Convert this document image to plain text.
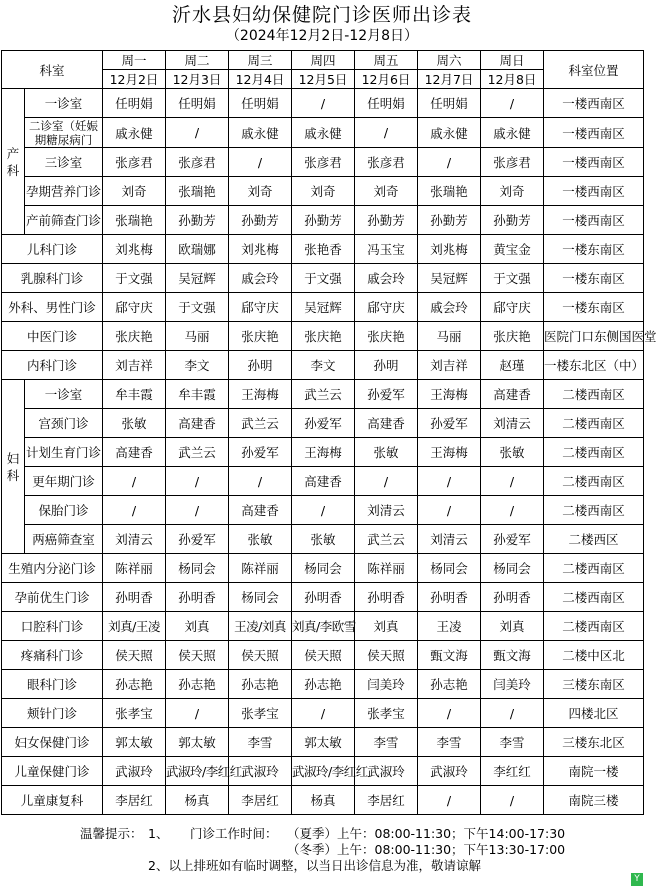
沂水县妇幼保健院门诊医师出诊表
（2024年12月2日-12月8日）
科室		周一	周二	周三	周四	周五	周六	周日	科室位置
		12月2日	12月3日	12月4日	12月5日	12月6日	12月7日	12月8日	
产科	一诊室	任明娟	任明娟	任明娟	/	任明娟	任明娟	/	一楼西南区
	二诊室（妊娠期糖尿病门	戚永健	/	戚永健	戚永健	/	戚永健	戚永健	一楼西南区
	三诊室	张彦君	张彦君	/	张彦君	张彦君	/	张彦君	一楼西南区
	孕期营养门诊	刘奇	张瑞艳	刘奇	刘奇	刘奇	张瑞艳	刘奇	一楼西南区
	产前筛查门诊	张瑞艳	孙勤芳	孙勤芳	孙勤芳	孙勤芳	孙勤芳	孙勤芳	一楼西南区
儿科门诊		刘兆梅	欧瑞娜	刘兆梅	张艳香	冯玉宝	刘兆梅	黄宝金	一楼东南区
乳腺科门诊		于文强	吴冠辉	戚会玲	于文强	戚会玲	吴冠辉	于文强	一楼东南区
外科、男性门诊		郈守庆	于文强	郈守庆	吴冠辉	郈守庆	戚会玲	郈守庆	一楼东南区
中医门诊		张庆艳	马丽	张庆艳	张庆艳	张庆艳	马丽	张庆艳	医院门口东侧国医堂
内科门诊		刘吉祥	李文	孙明	李文	孙明	刘吉祥	赵瑾	一楼东北区（中）
妇科	一诊室	牟丰霞	牟丰霞	王海梅	武兰云	孙爱军	王海梅	高建香	二楼西南区
	宫颈门诊	张敏	高建香	武兰云	孙爱军	高建香	孙爱军	刘清云	二楼西南区
	计划生育门诊	高建香	武兰云	孙爱军	王海梅	张敏	王海梅	张敏	二楼西南区
	更年期门诊	/	/	/	高建香	/	/	/	二楼西南区
	保胎门诊	/	/	高建香	/	刘清云	/	/	二楼西南区
	两癌筛查室	刘清云	孙爱军	张敏	张敏	武兰云	刘清云	孙爱军	二楼西区
生殖内分泌门诊		陈祥丽	杨同会	陈祥丽	杨同会	陈祥丽	杨同会	杨同会	二楼西南区
孕前优生门诊		孙明香	孙明香	杨同会	孙明香	孙明香	孙明香	孙明香	二楼西南区
口腔科门诊		刘真/王凌	刘真	王凌/刘真	刘真/李欧雪	刘真	王凌	刘真	二楼西南区
疼痛科门诊		侯天照	侯天照	侯天照	侯天照	侯天照	甄文海	甄文海	二楼中区北
眼科门诊		孙志艳	孙志艳	孙志艳	孙志艳	闫美玲	孙志艳	闫美玲	三楼东南区
颊针门诊		张孝宝	/	张孝宝	/	张孝宝	/	/	四楼北区
妇女保健门诊		郭太敏	郭太敏	李雪	郭太敏	李雪	李雪	李雪	三楼东北区
儿童保健门诊		武淑玲	武淑玲/李红红	武淑玲	武淑玲/李红红	武淑玲	武淑玲	李红红	南院一楼
儿童康复科		李居红	杨真	李居红	杨真	李居红	/	/	南院三楼
温馨提示： 1、 门诊工作时间： （夏季）上午：08:00-11:30；下午14:00-17:30
（冬季）上午：08:00-11:30；下午13:30-17:00
2、以上排班如有临时调整，以当日出诊信息为准，敬请谅解
Y
